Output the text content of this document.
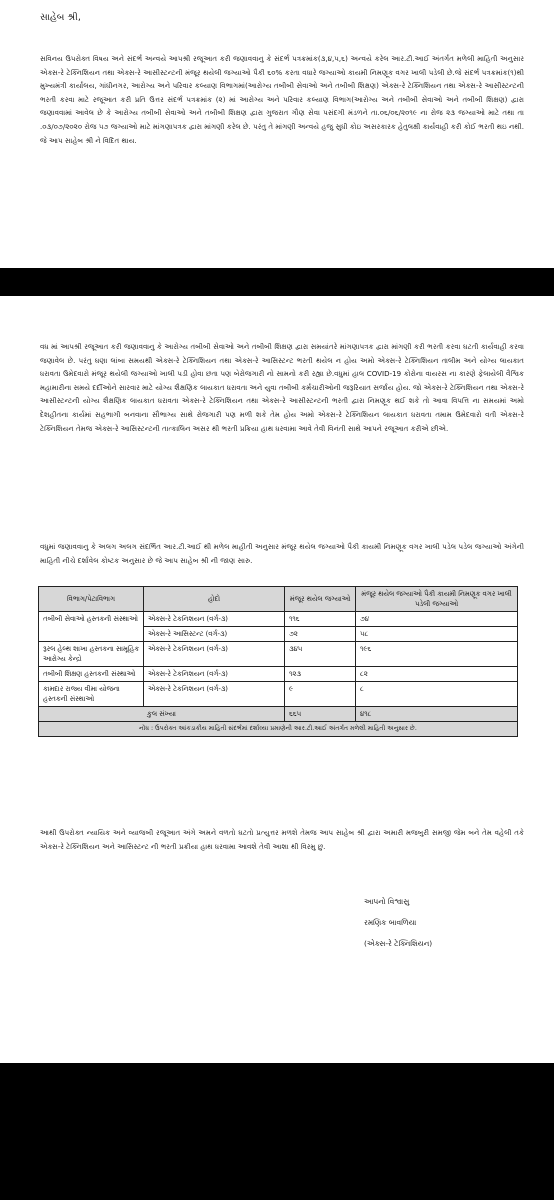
સાહેબ શ્રી,
સવિનય ઉપરોક્ત વિષય અને સંદર્ભ અન્વયે આપશ્રી રજૂઆત કરી જણાવવાનુ કે સંદર્ભ પત્રક્રમાંક(૩,૪,૫,૬) અન્વયે કરેલ આર.ટી.આઈ અંતર્ગત મળેલી માહિતી અનુસાર એક્સ-રે ટેક્નિશિયન તથા એક્સ-રે આસીસ્ટન્ટની મંજૂર થયેલી જગ્યાઓ પૈકી ૬૦% કરતા વધારે જગ્યાઓ કાયમી નિમણૂક વગર ખાલી પડેલી છે.જે સંદર્ભ પત્રક્રમાંક(૧)થી મુખ્યમંત્રી કાર્યાલય, ગાંધીનગર, આરોગ્ય અને પરિવાર કલ્યાણ વિભાગમાં(આરોગ્ય તબીબી સેવાઓ અને તબીબી શિક્ષણ) એક્સ-રે ટેક્નિશિયન તથા એક્સ-રે આસીસ્ટન્ટની ભરતી કરવા માટે રજૂઆત કરી પ્રતિ ઉત્તર સંદર્ભ પત્રક્રમાંક (૨) માં આરોગ્ય અને પરિવાર કલ્યાણ વિભાગ(આરોગ્ય અને તબીબી સેવાઓ અને તબીબી શિક્ષણ) દ્વારા જણાવવામાં આવેલ છે કે આરોગ્ય તબીબી સેવાઓ અને તબીબી શિક્ષણ દ્વારા ગુજરાત ગૌણ સેવા પસંદગી મંડળને તા.૦૬/૦૬/૨૦૧૯ ના રોજ ૨૩ જગ્યાઓ માટે તથા તા .૦૩/૦૭/૨૦૨૦ રોજ ૫૭ જગ્યાઓ માટે માંગણાપત્રક દ્વારા માંગણી કરેલ છે. પરંતુ તે માંગણી અન્વયે હજુ સુધી કોઇ અસરકારક હેતુલક્ષી કાર્યવાહી કરી કોઈ ભરતી થઇ નથી. જે આપ સાહેબ શ્રી ને વિદિત થાય.
વધ માં આપશ્રી રજૂઆત કરી જણાવવાનુ કે આરોગ્ય તબીબી સેવાઓ અને તબીબી શિક્ષણ દ્વારા સમયાંતરે માંગણાપત્રક દ્વારા માંગણી કરી ભરતી કરવા ઘટતી કાર્યવાહી કરવા જણાવેલ છે. પરંતુ ઘણા લાંબા સમયથી એક્સ-રે ટેક્નિશિયન તથા એક્સ-રે આસિસ્ટન્ટ ભરતી થયેલ ન હોય અમો એક્સ-રે ટેક્નિશિયન તાલીમ અને યોગ્ય લાયકાત ધરાવતા ઉમેદવારો મંજૂર થયેલી જગ્યાઓ ખાલી પડી હોવા છતા પણ બેરોજગારી નો સામનો કરી રહ્યા છે.વધુમાં હાલ COVID-19 કોરોના વાયરસ ના કારણે ફેલાયેલી વૈશ્વિક મહામારીના સમયે દર્દીઓને સારવાર માટે યોગ્ય શૈક્ષણિક લાયકાત ધરાવતા અને યુવા તબીબી કર્મચારીઓની જરૂરિયાત સર્જાય હોય. જો એક્સ-રે ટેક્નિશિયન તથા એક્સ-રે આસીસ્ટન્ટની યોગ્ય શૈક્ષણિક લાયકાત ધરાવતા એક્સ-રે ટેક્નિશિયન તથા એક્સ-રે આસીસ્ટન્ટની ભરતી દ્વારા નિમણૂક થઈ શકે તો આવા વિપત્તિ ના સમયમાં અમો દેશહીતના કાર્યમાં સહભાગી બનવાના સૌભાગ્ય સાથે રોજગારી પણ મળી શકે તેમ હોય અમો એક્સ-રે ટેક્નિશિયન લાયકાત ધરાવતા તમામ ઉમેદવારો વતી એક્સ-રે ટેક્નિશિયન તેમજ એક્સ-રે આસિસ્ટન્ટની તાત્કાલિન અસર થી ભરતી પ્રક્રિયા હાથ ધરવામા આવે તેવી વિનંતી સાથે આપને રજૂઆત કરીએ છીએ.
વધુમાં જણાવવાનુ કે અલગ અલગ સંદર્ભિત આર.ટી.આઈ થી મળેલ માહીતી અનુસાર મંજૂર થયેલ જગ્યાઓ પૈકી કાયમી નિમણૂક વગર ખાલી પડેલ પડેલ જગ્યાઓ અંગેની માહિતી નીચે દર્શાવેલ કોષ્ટક અનુસાર છે જે આપ સાહેબ શ્રી ની જાણ સારુ.
વિભાગ/પેટાવિભાગ	હોદો	મંજૂર થયેલ જગ્યાઓ	મંજૂર થયેલ જગ્યાઓ પૈકી કાયમી નિમણૂક વગર ખાલી પડેલી જગ્યાઓ
તબીબી સેવાઓ હસ્તકની સંસ્થાઓ	એક્સ-રે ટેકનિશયન (વર્ગ-૩)	૧૧૬	૭૪
	એક્સ-રે આસિસ્ટન્ટ (વર્ગ-૩)	૭૨	૫૮
રૂરલ હેલ્થ શાખા હસ્તકના સામૂહિક આરોગ્ય કેન્દ્રો	એક્સ-રે ટેકનિશયન (વર્ગ-૩)	૩૪૫	૧૯૬
તબીબી શિક્ષણ હસ્તકની સંસ્થાઓ	એક્સ-રે ટેકનિશયન (વર્ગ-૩)	૧૨૩	૮૨
કામદાર રાજ્ય વીમા યોજના હસ્તકની સંસ્થાઓ	એક્સ-રે ટેકનિશયન (વર્ગ-૩)	૯	૮
કુલ સંખ્યા		૬૬૫	૪૧૮
નોંધ : ઉપરોક્ત આંકડાકીય માહિતી સંદર્ભમાં દર્શાવ્યા પ્રમાણેની આર.ટી.આઈ અંતર્ગત મળેલી માહિતી અનુસાર છે.			
આથી ઉપરોક્ત ન્યાયિક અને વ્યાજબી રજૂઆત અંગે અમને વળતો ઘટતો પ્રત્યુત્તર મળશે તેમજ આપ સાહેબ શ્રી દ્વારા અમારી મજબુરી સમજી જેમ બને તેમ વહેલી તકે એક્સ-રે ટેક્નિશિયન અને આસિસ્ટન્ટ ની ભરતી પ્રક્રીયા હાથ ધરવામા આવશે તેવી આશા થી વિરમુ છુ.
આપનો વિશ્વાસુ
રમણિક બાવળિયા
(એક્સ-રે ટેક્નિશિયન)
